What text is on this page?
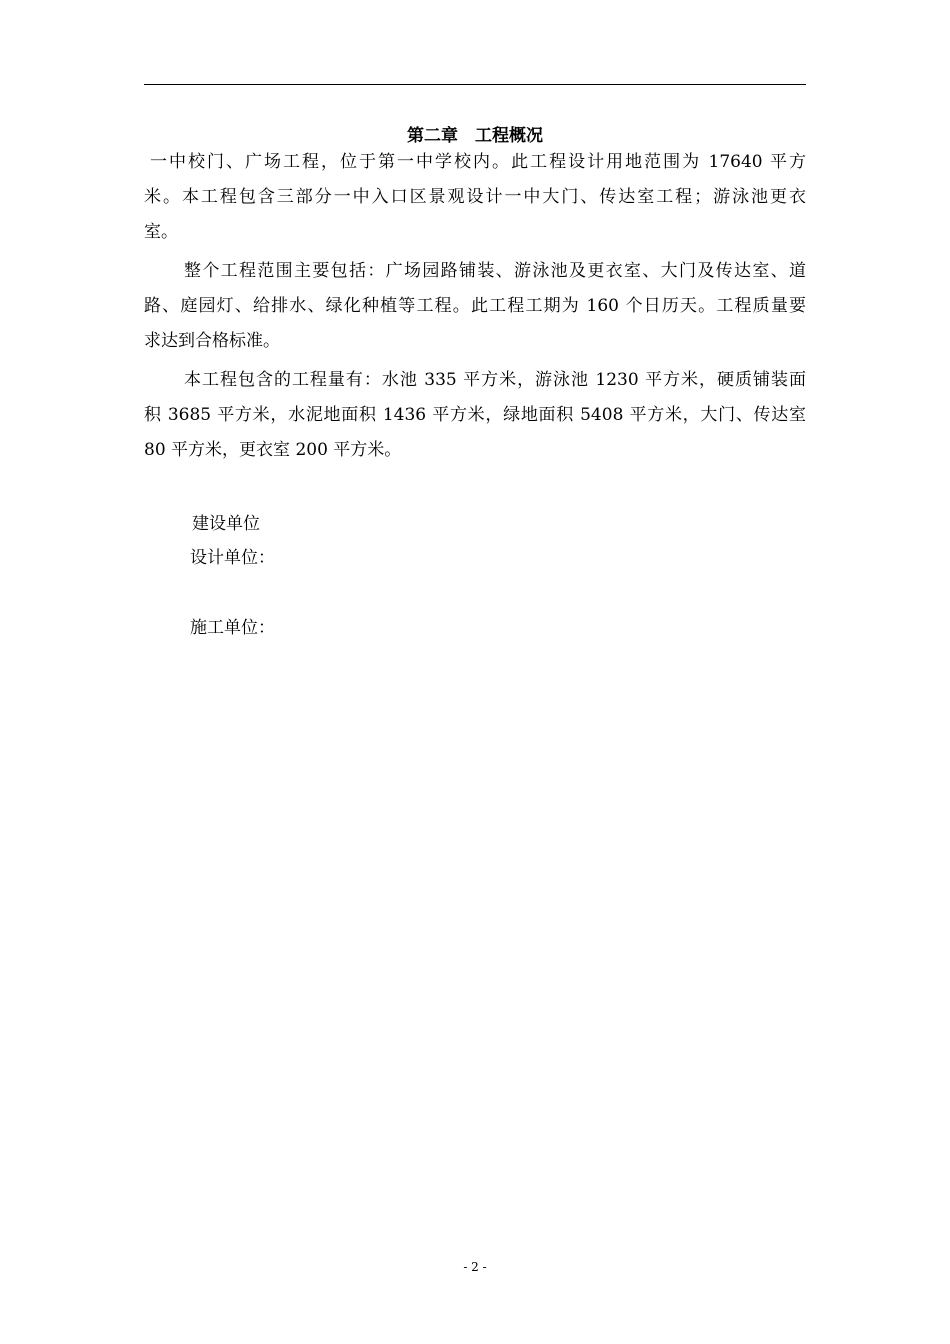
第二章　工程概况
一中校门、广场工程，位于第一中学校内。此工程设计用地范围为 17640 平方
米。本工程包含三部分一中入口区景观设计一中大门、传达室工程；游泳池更衣
室。
整个工程范围主要包括：广场园路铺装、游泳池及更衣室、大门及传达室、道
路、庭园灯、给排水、绿化种植等工程。此工程工期为 160 个日历天。工程质量要
求达到合格标准。
本工程包含的工程量有：水池 335 平方米，游泳池 1230 平方米，硬质铺装面
积 3685 平方米，水泥地面积 1436 平方米，绿地面积 5408 平方米，大门、传达室
80 平方米，更衣室 200 平方米。
建设单位
设计单位：
施工单位：
- 2 -
